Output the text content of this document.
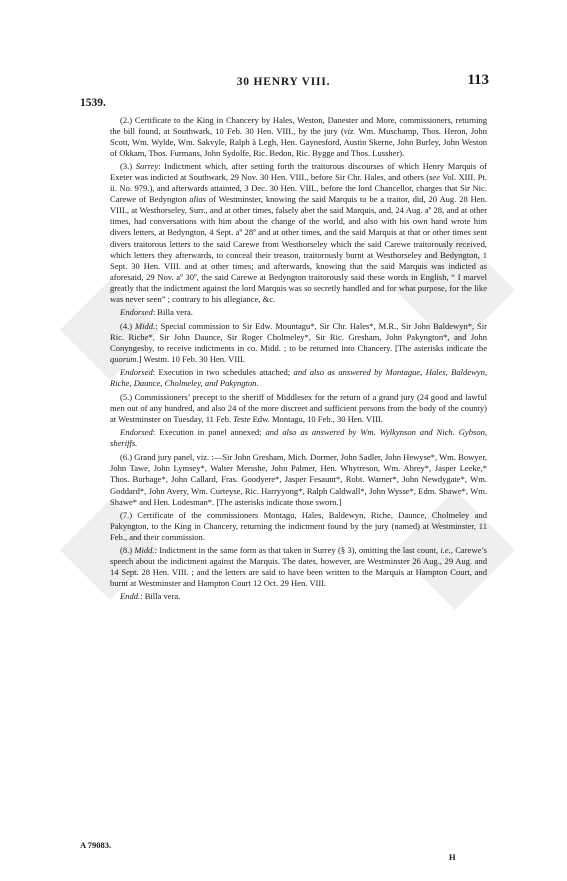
30 HENRY VIII.	113
1539.

(2.) Certificate to the King in Chancery by Hales, Weston, Danester and More, commissioners, returning the bill found, at Southwark, 10 Feb. 30 Hen. VIII., by the jury (viz. Wm. Muschamp, Thos. Heron, John Scott, Wm. Wylde, Wm. Sakvyle, Ralph à Legh, Hen. Gaynesford, Austin Skerne, John Burley, John Weston of Okkam, Thos. Furmans, John Sydolfe, Ric. Bedon, Ric. Bygge and Thos. Lussher).

(3.) Surrey: Indictment which, after setting forth the traitorous discourses of which Henry Marquis of Exeter was indicted at Southwark, 29 Nov. 30 Hen. VIII., before Sir Chr. Hales, and others (see Vol. XIII. Pt. ii. No. 979.), and afterwards attainted, 3 Dec. 30 Hen. VIII., before the lord Chancellor, charges that Sir Nic. Carewe of Bedyngton alias of Westminster, knowing the said Marquis to be a traitor, did, 20 Aug. 28 Hen. VIII., at Westhorseley, Surr., and at other times, falsely abet the said Marquis, and, 24 Aug. aº 28, and at other times, had conversations with him about the change of the world, and also with his own hand wrote him divers letters, at Bedyngton, 4 Sept. aº 28º and at other times, and the said Marquis at that or other times sent divers traitorous letters to the said Carewe from Westhorseley which the said Carewe traitorously received, which letters they afterwards, to conceal their treason, traitorously burnt at Westhorseley and Bedyngton, 1 Sept. 30 Hen. VIII. and at other times; and afterwards, knowing that the said Marquis was indicted as aforesaid, 29 Nov. aº 30º, the said Carewe at Bedyngton traitorously said these words in English, “ I marvel greatly that the indictment against the lord Marquis was so secretly handled and for what purpose, for the like was never seen” ; contrary to his allegiance, &c.

Endorsed: Billa vera.

(4.) Midd.: Special commission to Sir Edw. Mountagu*, Sir Chr. Hales*, M.R., Sir John Baldewyn*, Sir Ric. Riche*, Sir John Daunce, Sir Roger Cholmeley*, Sir Ric. Gresham, John Pakyngton*, and John Conyngesby, to receive indictments in co. Midd. ; to be returned into Chancery. [The asterisks indicate the quorum.] Westm. 10 Feb. 30 Hen. VIII.

Endorsed: Execution in two schedules attached; and also as answered by Montague, Hales, Baldewyn, Riche, Daunce, Cholmeley, and Pakyngton.

(5.) Commissioners’ precept to the sheriff of Middlesex for the return of a grand jury (24 good and lawful men out of any hundred, and also 24 of the more discreet and sufficient persons from the body of the county) at Westminster on Tuesday, 11 Feb. Teste Edw. Montagu, 10 Feb., 30 Hen. VIII.

Endorsed: Execution in panel annexed; and also as answered by Wm. Wylkynson and Nich. Gybson, sheriffs.

(6.) Grand jury panel, viz. :—Sir John Gresham, Mich. Dormer, John Sadler, John Hewyse*, Wm. Bowyer, John Tawe, John Lymsey*, Walter Mersshe, John Palmer, Hen. Whytreson, Wm. Abrey*, Jasper Leeke,* Thos. Burbage*, John Callard, Fras. Goodyere*, Jasper Fesaunt*, Robt. Warner*, John Newdygate*, Wm. Goddard*, John Avery, Wm. Curteyse, Ric. Harryyong*, Ralph Caldwall*, John Wysse*, Edm. Shawe*, Wm. Shawe* and Hen. Lodesman*. [The asterisks indicate those sworn.]

(7.) Certificate of the commissioners Montagu, Hales, Baldewyn, Riche, Daunce, Cholmeley and Pakyngton, to the King in Chancery, returning the indictment found by the jury (named) at Westminster, 11 Feb., and their commission.

(8.) Midd.: Indictment in the same form as that taken in Surrey (§ 3), omitting the last count, i.e., Carewe’s speech about the indictment against the Marquis. The dates, however, are Westminster 26 Aug., 29 Aug. and 14 Sept. 28 Hen. VIII. ; and the letters are said to have been written to the Marquis at Hampton Court, and burnt at Westminster and Hampton Court 12 Oct. 29 Hen. VIII.

Endd.: Billa vera.

A 79083.
H
